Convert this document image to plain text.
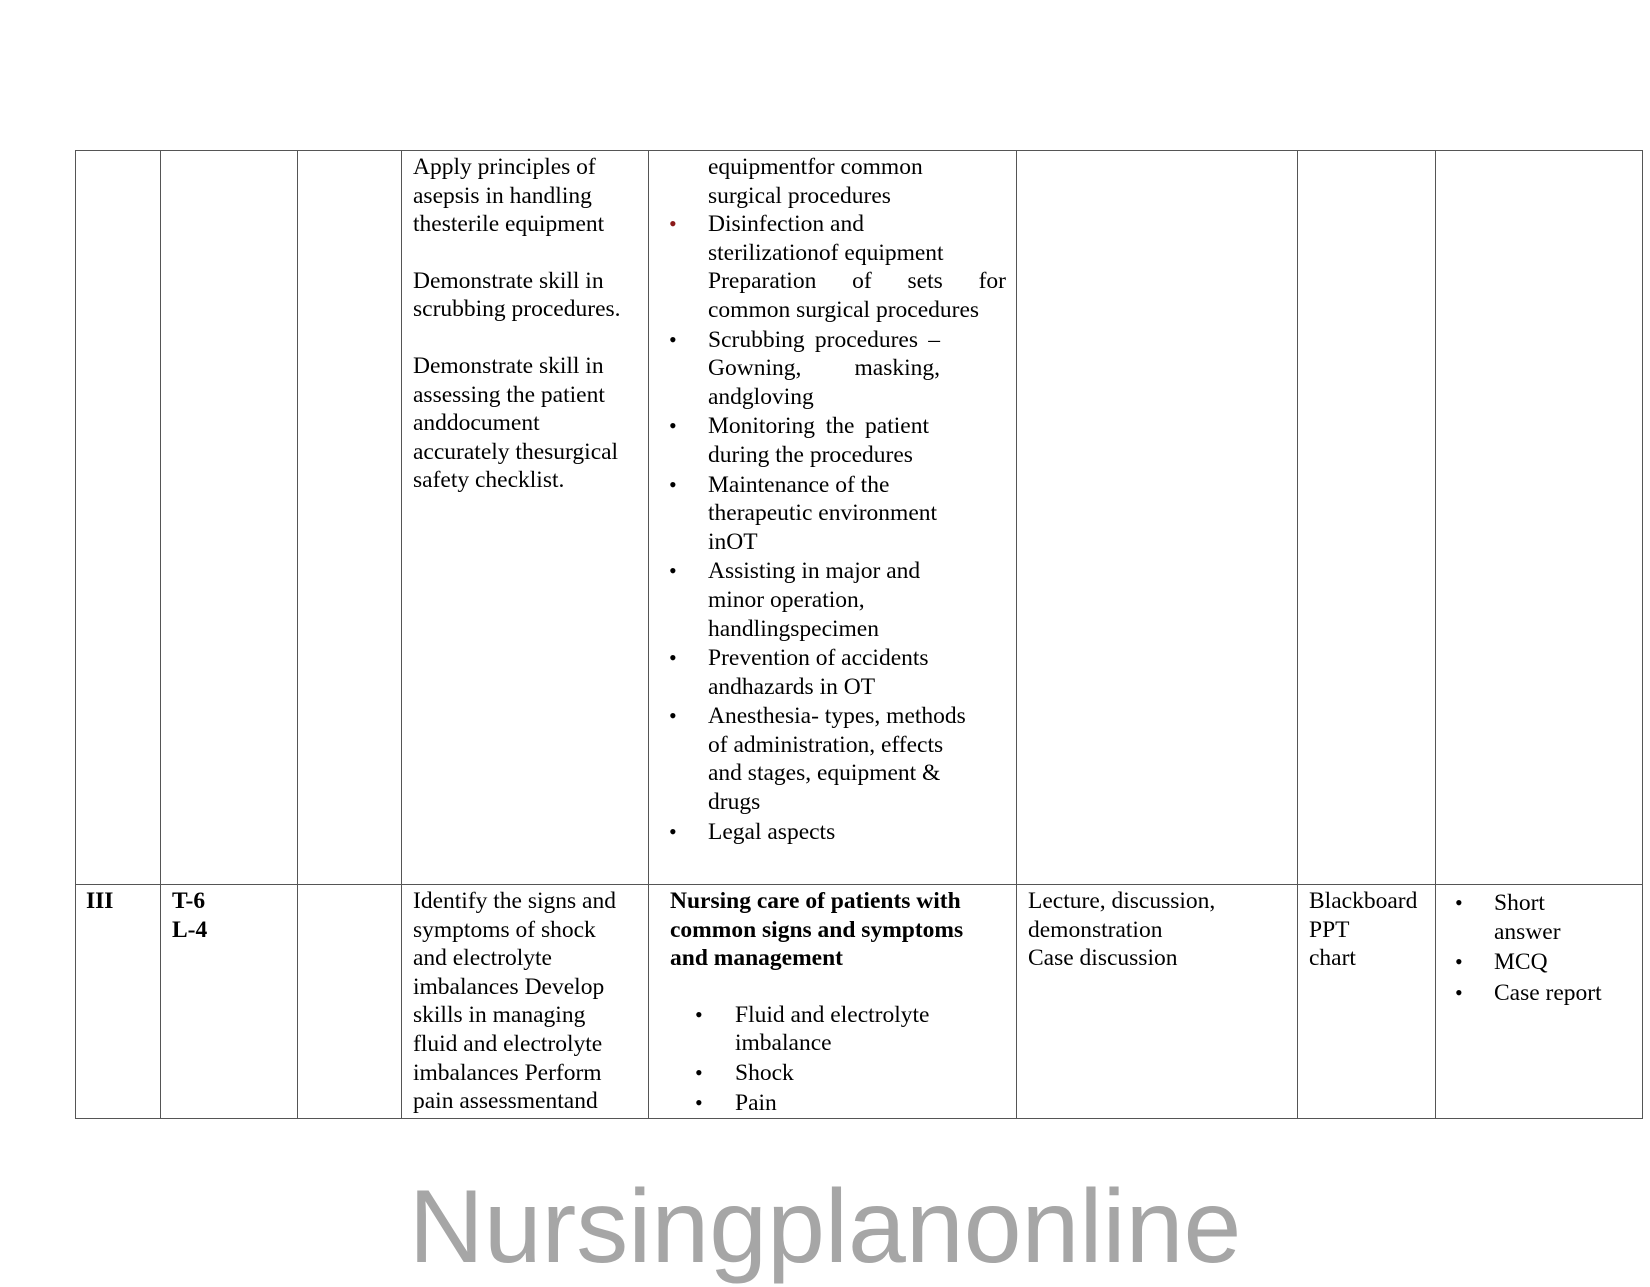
Apply principles of asepsis in handling thesterile equipment

Demonstrate skill in scrubbing procedures.

Demonstrate skill in assessing the patient anddocument accurately thesurgical safety checklist.

equipmentfor common surgical procedures
• Disinfection and sterilizationof equipment
Preparation of sets for
common surgical procedures
• Scrubbing procedures – Gowning, masking, andgloving
• Monitoring the patient during the procedures
• Maintenance of the therapeutic environment inOT
• Assisting in major and minor operation, handlingspecimen
• Prevention of accidents andhazards in OT
• Anesthesia- types, methods of administration, effects and stages, equipment & drugs
• Legal aspects
III	T-6
L-4
Identify the signs and symptoms of shock and electrolyte imbalances Develop skills in managing fluid and electrolyte imbalances Perform pain assessmentand
Nursing care of patients with common signs and symptoms and management
• Fluid and electrolyte imbalance
• Shock
• Pain
Lecture, discussion,
demonstration
Case discussion
Blackboard
PPT
chart
• Short answer
• MCQ
• Case report
Nursingplanonline
